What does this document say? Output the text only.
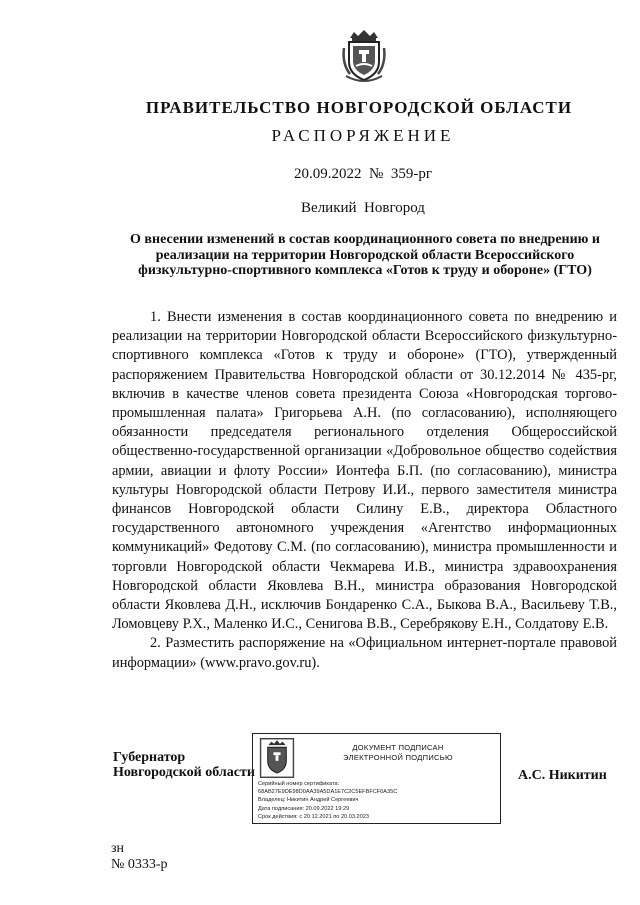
ПРАВИТЕЛЬСТВО НОВГОРОДСКОЙ ОБЛАСТИ
РАСПОРЯЖЕНИЕ
20.09.2022  №  359-рг
Великий  Новгород
О внесении изменений в состав координационного совета по внедрению и реализации на территории Новгородской области Всероссийского физкультурно-спортивного комплекса «Готов к труду и обороне» (ГТО)

1. Внести изменения в состав координационного совета по внедрению и реализации на территории Новгородской области Всероссийского физкультурно-спортивного комплекса «Готов к труду и обороне» (ГТО), утвержденный распоряжением Правительства Новгородской области от 30.12.2014 № 435-рг, включив в качестве членов совета президента Союза «Новгородская торгово-промышленная палата» Григорьева А.Н. (по согласованию), исполняющего обязанности председателя регионального отделения Общероссийской общественно-государственной организации «Добровольное общество содействия армии, авиации и флоту России» Ионтефа Б.П. (по согласованию), министра культуры Новгородской области Петрову И.И., первого заместителя министра финансов Новгородской области Силину Е.В., директора Областного государственного автономного учреждения «Агентство информационных коммуникаций» Федотову С.М. (по согласованию), министра промышленности и торговли Новгородской области Чекмарева И.В., министра здравоохранения Новгородской области Яковлева В.Н., министра образования Новгородской области Яковлева Д.Н., исключив Бондаренко С.А., Быкова В.А., Васильеву Т.В., Ломовцеву Р.Х., Маленко И.С., Сенигова В.В., Серебрякову Е.Н., Солдатову Е.В.

2. Разместить распоряжение на «Официальном интернет-портале правовой информации» (www.pravo.gov.ru).

Губернатор
Новгородской области
ДОКУМЕНТ ПОДПИСАН
ЭЛЕКТРОННОЙ ПОДПИСЬЮ
Серийный номер сертификата:
68AB27E9DE98D0AA39A5DA1E7C2C5EFBFCF0A35C
Владелец: Никитин Андрей Сергеевич
Дата подписания: 20.09.2022 19:29
Срок действия: с 20.12.2021 по 20.03.2023
А.С. Никитин
зн
№ 0333-р
